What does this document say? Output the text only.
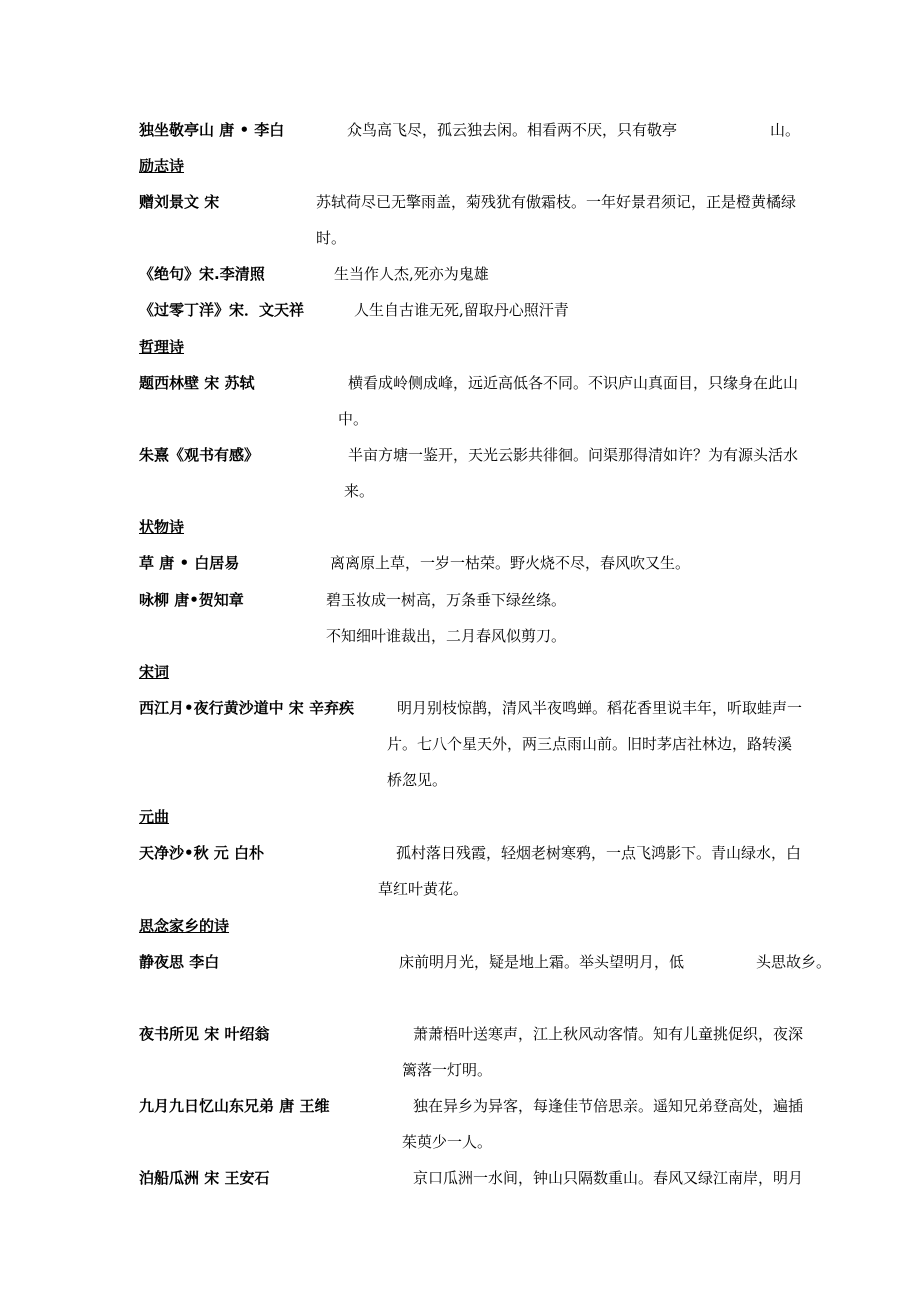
独坐敬亭山 唐 • 李白	众鸟高飞尽，孤云独去闲。相看两不厌，只有敬亭	山。
励志诗
赠刘景文 宋	苏轼荷尽已无擎雨盖，菊残犹有傲霜枝。一年好景君须记，正是橙黄橘绿
时。
《绝句》宋.李清照	生当作人杰,死亦为鬼雄
《过零丁洋》宋．文天祥	人生自古谁无死,留取丹心照汗青
哲理诗
题西林壁 宋 苏轼	横看成岭侧成峰，远近高低各不同。不识庐山真面目，只缘身在此山
中。
朱熹《观书有感》	半亩方塘一鉴开，天光云影共徘徊。问渠那得清如许？为有源头活水
来。
状物诗
草 唐 • 白居易	离离原上草，一岁一枯荣。野火烧不尽，春风吹又生。
咏柳 唐•贺知章	碧玉妆成一树高，万条垂下绿丝绦。
不知细叶谁裁出，二月春风似剪刀。
宋词
西江月•夜行黄沙道中 宋 辛弃疾	明月别枝惊鹊，清风半夜鸣蝉。稻花香里说丰年，听取蛙声一
片。七八个星天外，两三点雨山前。旧时茅店社林边，路转溪
桥忽见。
元曲
天净沙•秋 元 白朴	孤村落日残霞，轻烟老树寒鸦，一点飞鸿影下。青山绿水，白
草红叶黄花。
思念家乡的诗
静夜思 李白	床前明月光，疑是地上霜。举头望明月，低	头思故乡。
夜书所见 宋 叶绍翁	萧萧梧叶送寒声，江上秋风动客情。知有儿童挑促织，夜深
篱落一灯明。
九月九日忆山东兄弟 唐 王维	独在异乡为异客，每逢佳节倍思亲。遥知兄弟登高处，遍插
茱萸少一人。
泊船瓜洲 宋 王安石	京口瓜洲一水间，钟山只隔数重山。春风又绿江南岸，明月
